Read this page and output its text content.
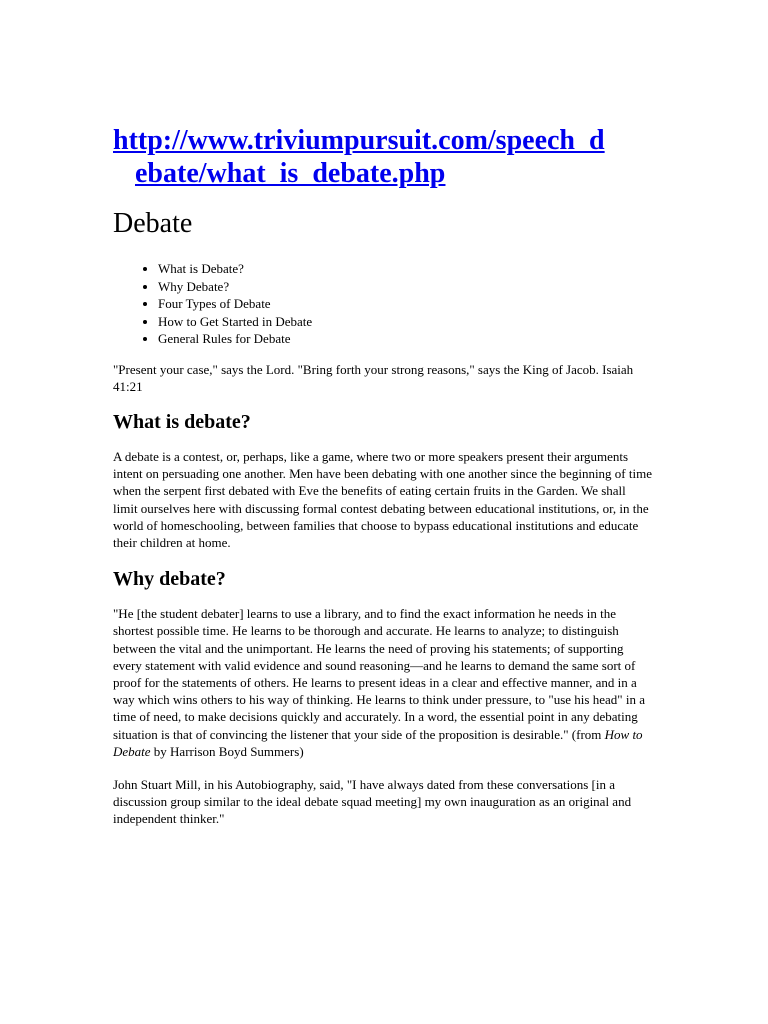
http://www.triviumpursuit.com/speech_d
ebate/what_is_debate.php
Debate
• What is Debate?
• Why Debate?
• Four Types of Debate
• How to Get Started in Debate
• General Rules for Debate

"Present your case," says the Lord. "Bring forth your strong reasons," says the King of Jacob. Isaiah 41:21

What is debate?

A debate is a contest, or, perhaps, like a game, where two or more speakers present their arguments intent on persuading one another. Men have been debating with one another since the beginning of time when the serpent first debated with Eve the benefits of eating certain fruits in the Garden. We shall limit ourselves here with discussing formal contest debating between educational institutions, or, in the world of homeschooling, between families that choose to bypass educational institutions and educate their children at home.

Why debate?

"He [the student debater] learns to use a library, and to find the exact information he needs in the shortest possible time. He learns to be thorough and accurate. He learns to analyze; to distinguish between the vital and the unimportant. He learns the need of proving his statements; of supporting every statement with valid evidence and sound reasoning—and he learns to demand the same sort of proof for the statements of others. He learns to present ideas in a clear and effective manner, and in a way which wins others to his way of thinking. He learns to think under pressure, to "use his head" in a time of need, to make decisions quickly and accurately. In a word, the essential point in any debating situation is that of convincing the listener that your side of the proposition is desirable." (from How to Debate by Harrison Boyd Summers)

John Stuart Mill, in his Autobiography, said, "I have always dated from these conversations [in a discussion group similar to the ideal debate squad meeting] my own inauguration as an original and independent thinker."
